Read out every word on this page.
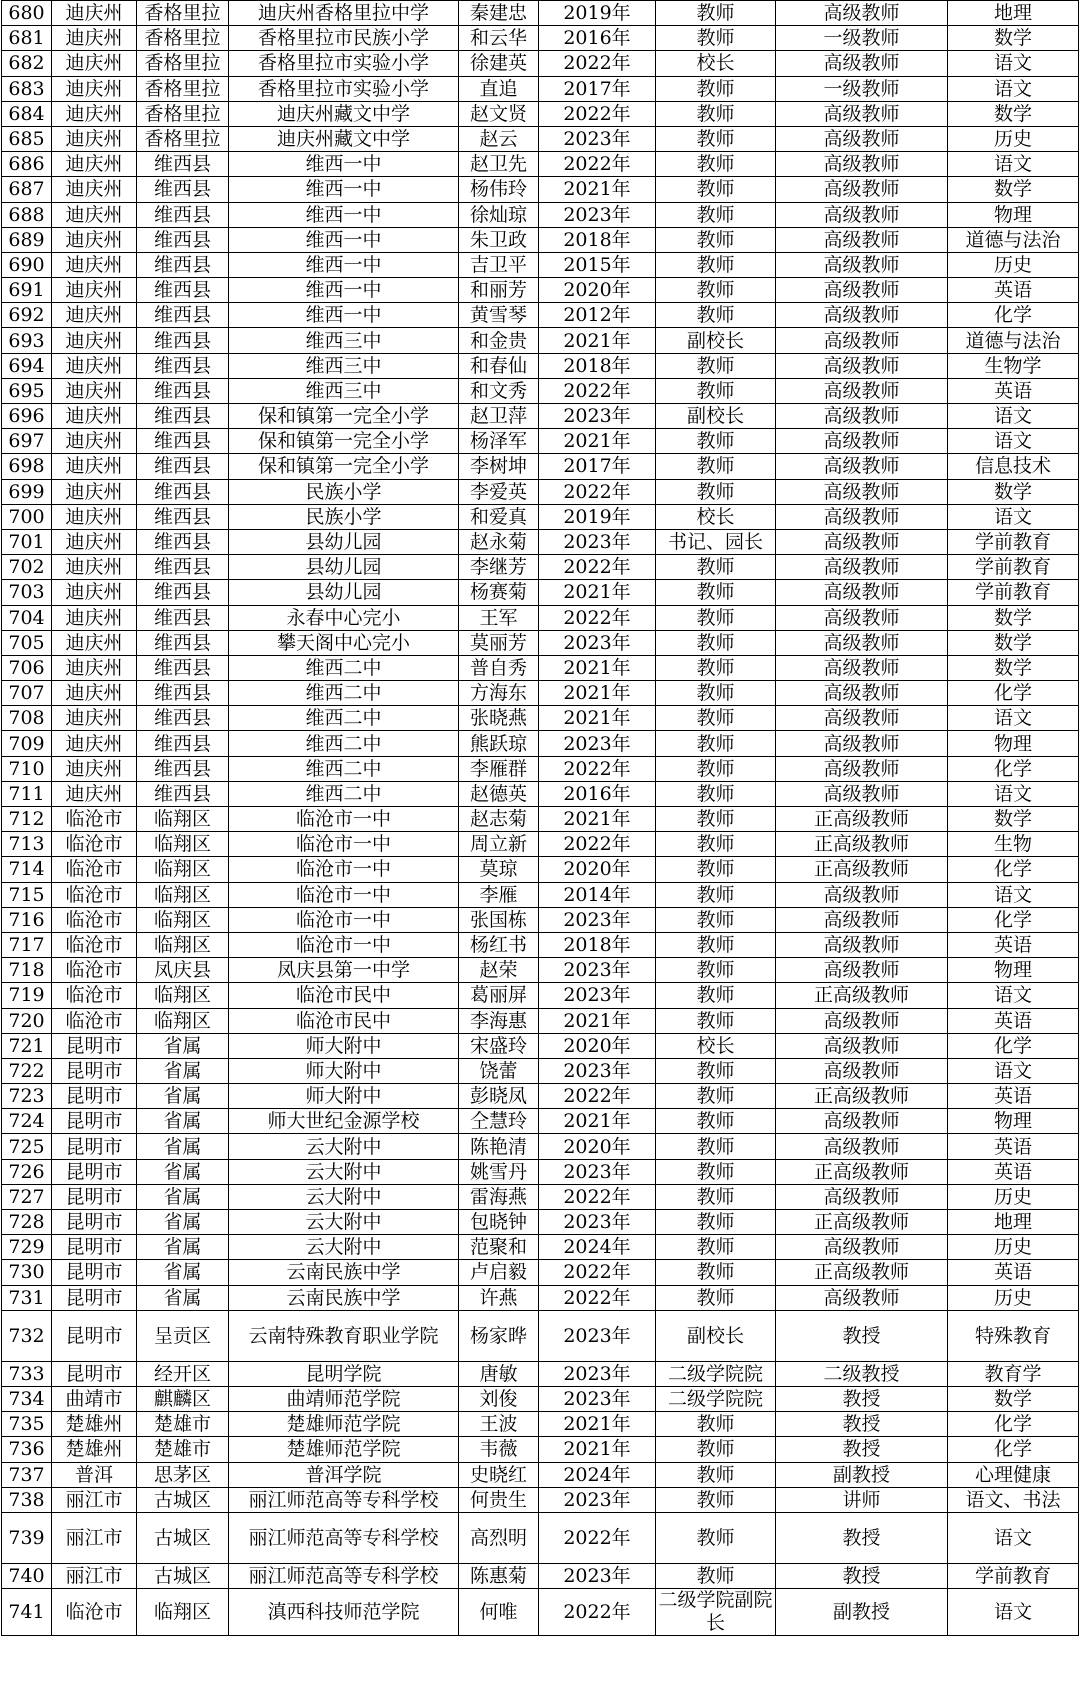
680	迪庆州	香格里拉	迪庆州香格里拉中学	秦建忠	2019年	教师	高级教师	地理
681	迪庆州	香格里拉	香格里拉市民族小学	和云华	2016年	教师	一级教师	数学
682	迪庆州	香格里拉	香格里拉市实验小学	徐建英	2022年	校长	高级教师	语文
683	迪庆州	香格里拉	香格里拉市实验小学	直追	2017年	教师	一级教师	语文
684	迪庆州	香格里拉	迪庆州藏文中学	赵文贤	2022年	教师	高级教师	数学
685	迪庆州	香格里拉	迪庆州藏文中学	赵云	2023年	教师	高级教师	历史
686	迪庆州	维西县	维西一中	赵卫先	2022年	教师	高级教师	语文
687	迪庆州	维西县	维西一中	杨伟玲	2021年	教师	高级教师	数学
688	迪庆州	维西县	维西一中	徐灿琼	2023年	教师	高级教师	物理
689	迪庆州	维西县	维西一中	朱卫政	2018年	教师	高级教师	道德与法治
690	迪庆州	维西县	维西一中	吉卫平	2015年	教师	高级教师	历史
691	迪庆州	维西县	维西一中	和丽芳	2020年	教师	高级教师	英语
692	迪庆州	维西县	维西一中	黄雪琴	2012年	教师	高级教师	化学
693	迪庆州	维西县	维西三中	和金贵	2021年	副校长	高级教师	道德与法治
694	迪庆州	维西县	维西三中	和春仙	2018年	教师	高级教师	生物学
695	迪庆州	维西县	维西三中	和文秀	2022年	教师	高级教师	英语
696	迪庆州	维西县	保和镇第一完全小学	赵卫萍	2023年	副校长	高级教师	语文
697	迪庆州	维西县	保和镇第一完全小学	杨泽军	2021年	教师	高级教师	语文
698	迪庆州	维西县	保和镇第一完全小学	李树坤	2017年	教师	高级教师	信息技术
699	迪庆州	维西县	民族小学	李爱英	2022年	教师	高级教师	数学
700	迪庆州	维西县	民族小学	和爱真	2019年	校长	高级教师	语文
701	迪庆州	维西县	县幼儿园	赵永菊	2023年	书记、园长	高级教师	学前教育
702	迪庆州	维西县	县幼儿园	李继芳	2022年	教师	高级教师	学前教育
703	迪庆州	维西县	县幼儿园	杨赛菊	2021年	教师	高级教师	学前教育
704	迪庆州	维西县	永春中心完小	王军	2022年	教师	高级教师	数学
705	迪庆州	维西县	攀天阁中心完小	莫丽芳	2023年	教师	高级教师	数学
706	迪庆州	维西县	维西二中	普自秀	2021年	教师	高级教师	数学
707	迪庆州	维西县	维西二中	方海东	2021年	教师	高级教师	化学
708	迪庆州	维西县	维西二中	张晓燕	2021年	教师	高级教师	语文
709	迪庆州	维西县	维西二中	熊跃琼	2023年	教师	高级教师	物理
710	迪庆州	维西县	维西二中	李雁群	2022年	教师	高级教师	化学
711	迪庆州	维西县	维西二中	赵德英	2016年	教师	高级教师	语文
712	临沧市	临翔区	临沧市一中	赵志菊	2021年	教师	正高级教师	数学
713	临沧市	临翔区	临沧市一中	周立新	2022年	教师	正高级教师	生物
714	临沧市	临翔区	临沧市一中	莫琼	2020年	教师	正高级教师	化学
715	临沧市	临翔区	临沧市一中	李雁	2014年	教师	高级教师	语文
716	临沧市	临翔区	临沧市一中	张国栋	2023年	教师	高级教师	化学
717	临沧市	临翔区	临沧市一中	杨红书	2018年	教师	高级教师	英语
718	临沧市	凤庆县	凤庆县第一中学	赵荣	2023年	教师	高级教师	物理
719	临沧市	临翔区	临沧市民中	葛丽屏	2023年	教师	正高级教师	语文
720	临沧市	临翔区	临沧市民中	李海惠	2021年	教师	高级教师	英语
721	昆明市	省属	师大附中	宋盛玲	2020年	校长	高级教师	化学
722	昆明市	省属	师大附中	饶蕾	2023年	教师	高级教师	语文
723	昆明市	省属	师大附中	彭晓凤	2022年	教师	正高级教师	英语
724	昆明市	省属	师大世纪金源学校	仝慧玲	2021年	教师	高级教师	物理
725	昆明市	省属	云大附中	陈艳清	2020年	教师	高级教师	英语
726	昆明市	省属	云大附中	姚雪丹	2023年	教师	正高级教师	英语
727	昆明市	省属	云大附中	雷海燕	2022年	教师	高级教师	历史
728	昆明市	省属	云大附中	包晓钟	2023年	教师	正高级教师	地理
729	昆明市	省属	云大附中	范聚和	2024年	教师	高级教师	历史
730	昆明市	省属	云南民族中学	卢启毅	2022年	教师	正高级教师	英语
731	昆明市	省属	云南民族中学	许燕	2022年	教师	高级教师	历史
732	昆明市	呈贡区	云南特殊教育职业学院	杨家晔	2023年	副校长	教授	特殊教育
733	昆明市	经开区	昆明学院	唐敏	2023年	二级学院院	二级教授	教育学
734	曲靖市	麒麟区	曲靖师范学院	刘俊	2023年	二级学院院	教授	数学
735	楚雄州	楚雄市	楚雄师范学院	王波	2021年	教师	教授	化学
736	楚雄州	楚雄市	楚雄师范学院	韦薇	2021年	教师	教授	化学
737	普洱	思茅区	普洱学院	史晓红	2024年	教师	副教授	心理健康
738	丽江市	古城区	丽江师范高等专科学校	何贵生	2023年	教师	讲师	语文、书法
739	丽江市	古城区	丽江师范高等专科学校	高烈明	2022年	教师	教授	语文
740	丽江市	古城区	丽江师范高等专科学校	陈惠菊	2023年	教师	教授	学前教育
741	临沧市	临翔区	滇西科技师范学院	何唯	2022年	二级学院副院长	副教授	语文
